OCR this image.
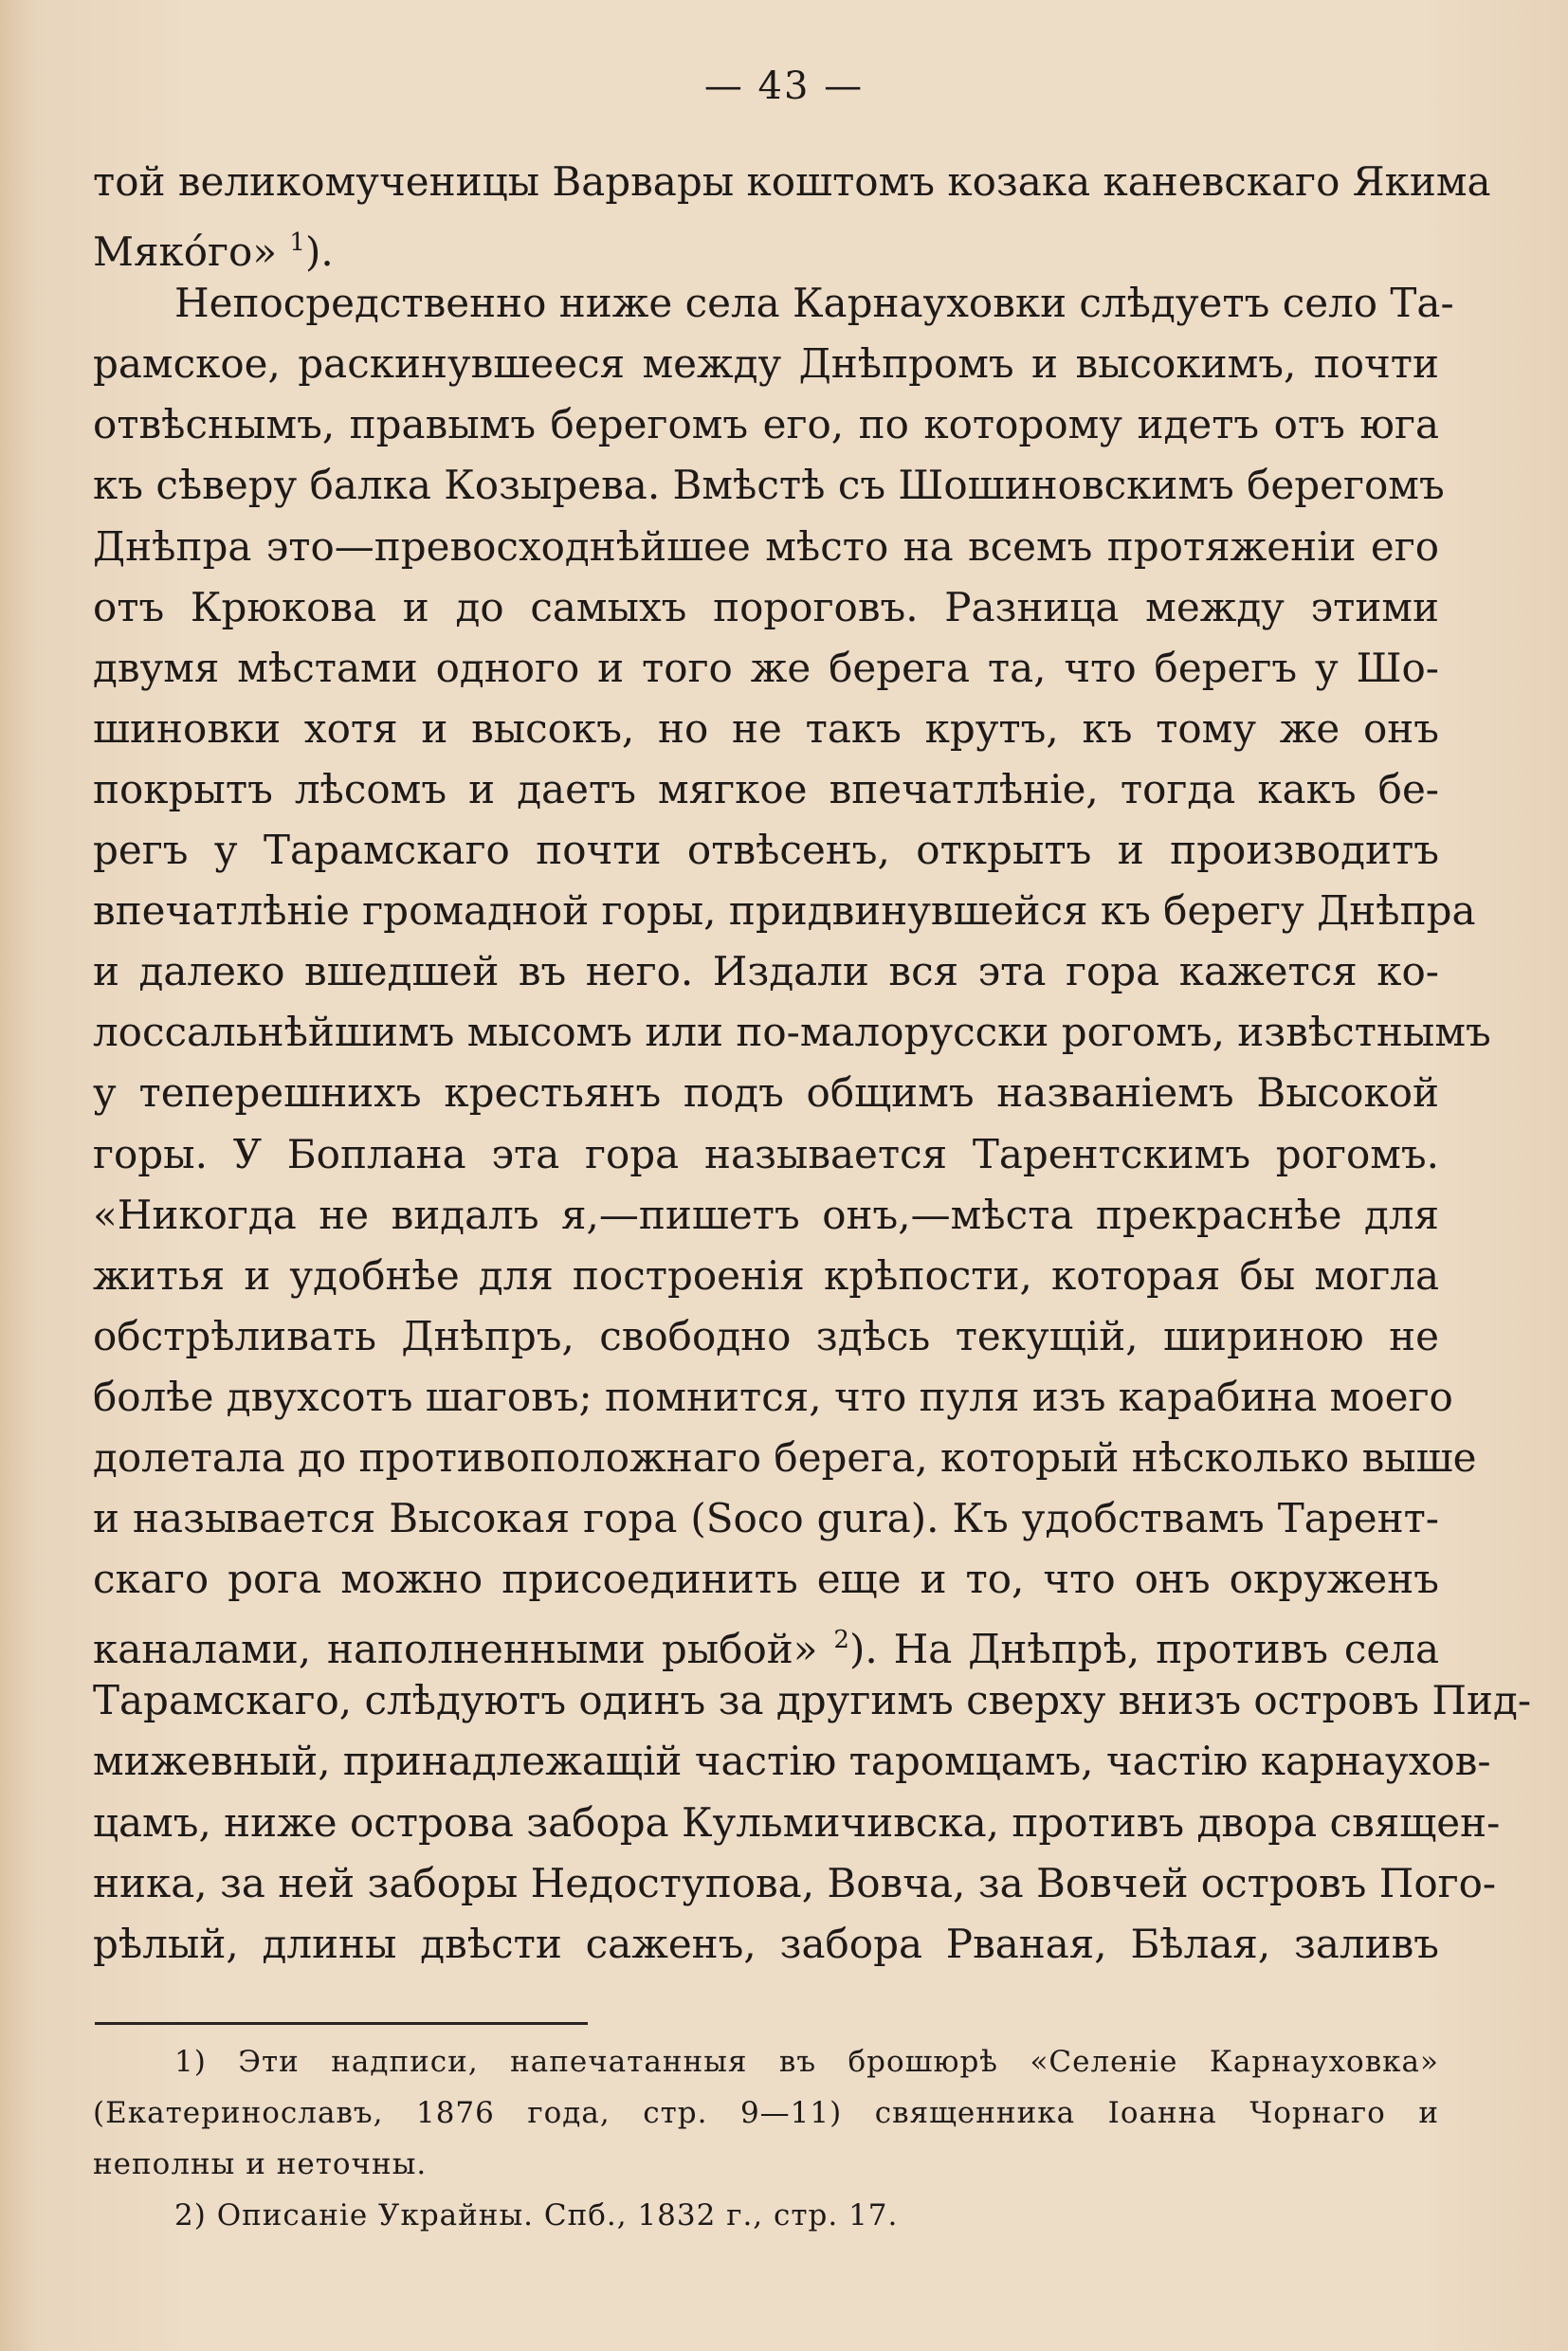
— 43 —
той великомученицы Варвары коштомъ козака каневскаго Якима
Мякóго» $^1$).
Непосредственно ниже села Карнауховки слѣдуетъ село Та-
рамское, раскинувшееся между Днѣпромъ и высокимъ, почти
отвѣснымъ, правымъ берегомъ его, по которому идетъ отъ юга
къ сѣверу балка Козырева. Вмѣстѣ съ Шошиновскимъ берегомъ
Днѣпра это—превосходнѣйшее мѣсто на всемъ протяженіи его
отъ Крюкова и до самыхъ пороговъ. Разница между этими
двумя мѣстами одного и того же берега та, что берегъ у Шо-
шиновки хотя и высокъ, но не такъ крутъ, къ тому же онъ
покрытъ лѣсомъ и даетъ мягкое впечатлѣніе, тогда какъ бе-
регъ у Тарамскаго почти отвѣсенъ, открытъ и производитъ
впечатлѣніе громадной горы, придвинувшейся къ берегу Днѣпра
и далеко вшедшей въ него. Издали вся эта гора кажется ко-
лоссальнѣйшимъ мысомъ или по-малорусски рогомъ, извѣстнымъ
у теперешнихъ крестьянъ подъ общимъ названіемъ Высокой
горы. У Боплана эта гора называется Тарентскимъ рогомъ.
«Никогда не видалъ я,—пишетъ онъ,—мѣста прекраснѣе для
житья и удобнѣе для построенія крѣпости, которая бы могла
обстрѣливать Днѣпръ, свободно здѣсь текущій, шириною не
болѣе двухсотъ шаговъ; помнится, что пуля изъ карабина моего
долетала до противоположнаго берега, который нѣсколько выше
и называется Высокая гора (Soco gura). Къ удобствамъ Тарент-
скаго рога можно присоединить еще и то, что онъ окруженъ
каналами, наполненными рыбой» $^2$). На Днѣпрѣ, противъ села
Тарамскаго, слѣдуютъ одинъ за другимъ сверху внизъ островъ Пид-
мижевный, принадлежащій частію таромцамъ, частію карнаухов-
цамъ, ниже острова забора Кульмичивска, противъ двора священ-
ника, за ней заборы Недоступова, Вовча, за Вовчей островъ Пого-
рѣлый, длины двѣсти саженъ, забора Рваная, Бѣлая, заливъ
1) Эти надписи, напечатанныя въ брошюрѣ «Селеніе Карнауховка»
(Екатеринославъ, 1876 года, стр. 9—11) священника Іоанна Чорнаго и
неполны и неточны.
2) Описаніе Украйны. Спб., 1832 г., стр. 17.
